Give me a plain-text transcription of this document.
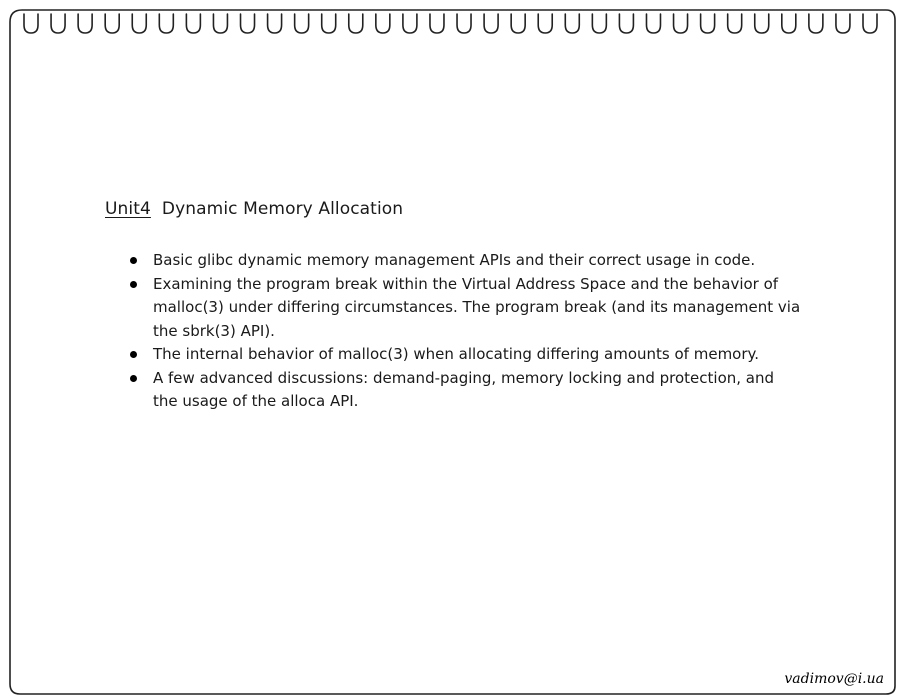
Unit4 Dynamic Memory Allocation
Basic glibc dynamic memory management APIs and their correct usage in code.
Examining the program break within the Virtual Address Space and the behavior of malloc(3) under differing circumstances. The program break (and its management via the sbrk(3) API).
The internal behavior of malloc(3) when allocating differing amounts of memory.
A few advanced discussions: demand-paging, memory locking and protection, and the usage of the alloca API.
vadimov@i.ua
